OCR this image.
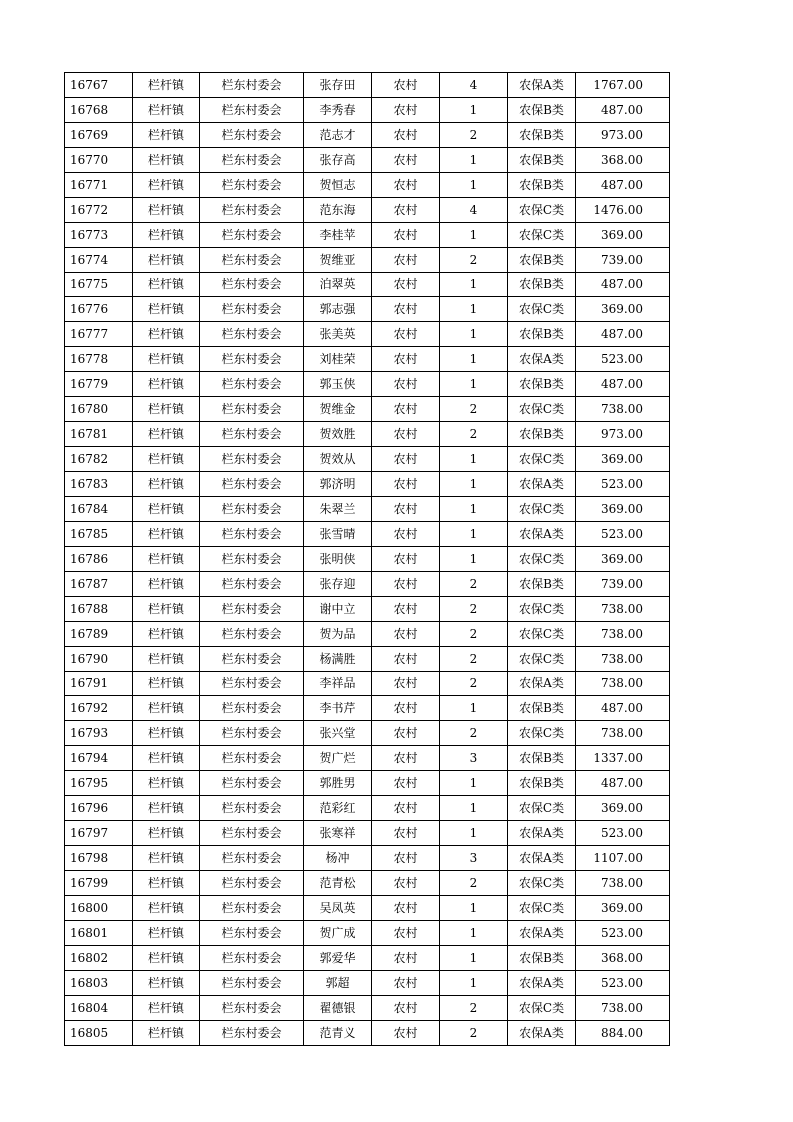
16767	栏杆镇	栏东村委会	张存田	农村	4	农保A类	1767.00
16768	栏杆镇	栏东村委会	李秀春	农村	1	农保B类	487.00
16769	栏杆镇	栏东村委会	范志才	农村	2	农保B类	973.00
16770	栏杆镇	栏东村委会	张存高	农村	1	农保B类	368.00
16771	栏杆镇	栏东村委会	贺恒志	农村	1	农保B类	487.00
16772	栏杆镇	栏东村委会	范东海	农村	4	农保C类	1476.00
16773	栏杆镇	栏东村委会	李桂苹	农村	1	农保C类	369.00
16774	栏杆镇	栏东村委会	贺维亚	农村	2	农保B类	739.00
16775	栏杆镇	栏东村委会	泊翠英	农村	1	农保B类	487.00
16776	栏杆镇	栏东村委会	郭志强	农村	1	农保C类	369.00
16777	栏杆镇	栏东村委会	张美英	农村	1	农保B类	487.00
16778	栏杆镇	栏东村委会	刘桂荣	农村	1	农保A类	523.00
16779	栏杆镇	栏东村委会	郭玉侠	农村	1	农保B类	487.00
16780	栏杆镇	栏东村委会	贺维金	农村	2	农保C类	738.00
16781	栏杆镇	栏东村委会	贺效胜	农村	2	农保B类	973.00
16782	栏杆镇	栏东村委会	贺效从	农村	1	农保C类	369.00
16783	栏杆镇	栏东村委会	郭济明	农村	1	农保A类	523.00
16784	栏杆镇	栏东村委会	朱翠兰	农村	1	农保C类	369.00
16785	栏杆镇	栏东村委会	张雪晴	农村	1	农保A类	523.00
16786	栏杆镇	栏东村委会	张明侠	农村	1	农保C类	369.00
16787	栏杆镇	栏东村委会	张存迎	农村	2	农保B类	739.00
16788	栏杆镇	栏东村委会	谢中立	农村	2	农保C类	738.00
16789	栏杆镇	栏东村委会	贺为品	农村	2	农保C类	738.00
16790	栏杆镇	栏东村委会	杨满胜	农村	2	农保C类	738.00
16791	栏杆镇	栏东村委会	李祥品	农村	2	农保A类	738.00
16792	栏杆镇	栏东村委会	李书芹	农村	1	农保B类	487.00
16793	栏杆镇	栏东村委会	张兴堂	农村	2	农保C类	738.00
16794	栏杆镇	栏东村委会	贺广烂	农村	3	农保B类	1337.00
16795	栏杆镇	栏东村委会	郭胜男	农村	1	农保B类	487.00
16796	栏杆镇	栏东村委会	范彩红	农村	1	农保C类	369.00
16797	栏杆镇	栏东村委会	张寒祥	农村	1	农保A类	523.00
16798	栏杆镇	栏东村委会	杨冲	农村	3	农保A类	1107.00
16799	栏杆镇	栏东村委会	范青松	农村	2	农保C类	738.00
16800	栏杆镇	栏东村委会	吴凤英	农村	1	农保C类	369.00
16801	栏杆镇	栏东村委会	贺广成	农村	1	农保A类	523.00
16802	栏杆镇	栏东村委会	郭爱华	农村	1	农保B类	368.00
16803	栏杆镇	栏东村委会	郭超	农村	1	农保A类	523.00
16804	栏杆镇	栏东村委会	翟德银	农村	2	农保C类	738.00
16805	栏杆镇	栏东村委会	范青义	农村	2	农保A类	884.00
